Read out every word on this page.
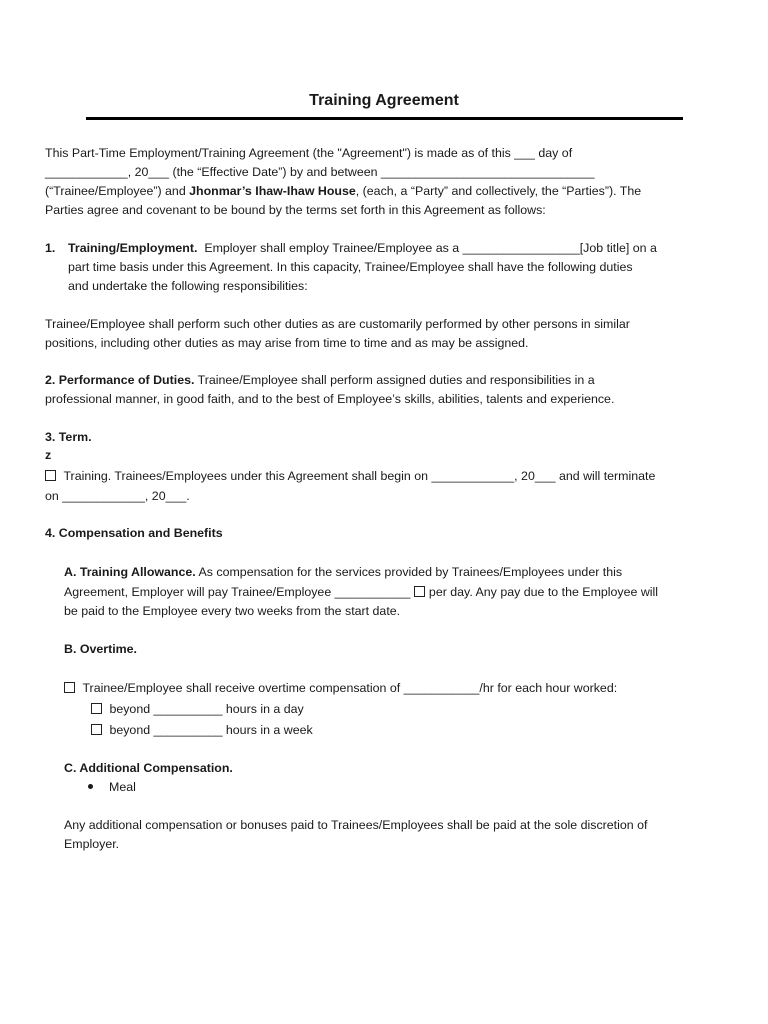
Training Agreement
This Part-Time Employment/Training Agreement (the "Agreement") is made as of this ___ day of
____________, 20___ (the “Effective Date”) by and between _______________________________
(“Trainee/Employee”) and Jhonmar’s Ihaw-Ihaw House, (each, a “Party” and collectively, the “Parties”). The
Parties agree and covenant to be bound by the terms set forth in this Agreement as follows:
1. Training/Employment. Employer shall employ Trainee/Employee as a _________________[Job title] on a
part time basis under this Agreement. In this capacity, Trainee/Employee shall have the following duties
and undertake the following responsibilities:
Trainee/Employee shall perform such other duties as are customarily performed by other persons in similar
positions, including other duties as may arise from time to time and as may be assigned.
2. Performance of Duties. Trainee/Employee shall perform assigned duties and responsibilities in a
professional manner, in good faith, and to the best of Employee’s skills, abilities, talents and experience.
3. Term.
z
Training. Trainees/Employees under this Agreement shall begin on ____________, 20___ and will terminate
on ____________, 20___.
4. Compensation and Benefits
A. Training Allowance. As compensation for the services provided by Trainees/Employees under this
Agreement, Employer will pay Trainee/Employee ___________ per day. Any pay due to the Employee will
be paid to the Employee every two weeks from the start date.
B. Overtime.
Trainee/Employee shall receive overtime compensation of ___________/hr for each hour worked:
beyond __________ hours in a day
beyond __________ hours in a week
C. Additional Compensation.
Meal
Any additional compensation or bonuses paid to Trainees/Employees shall be paid at the sole discretion of
Employer.
